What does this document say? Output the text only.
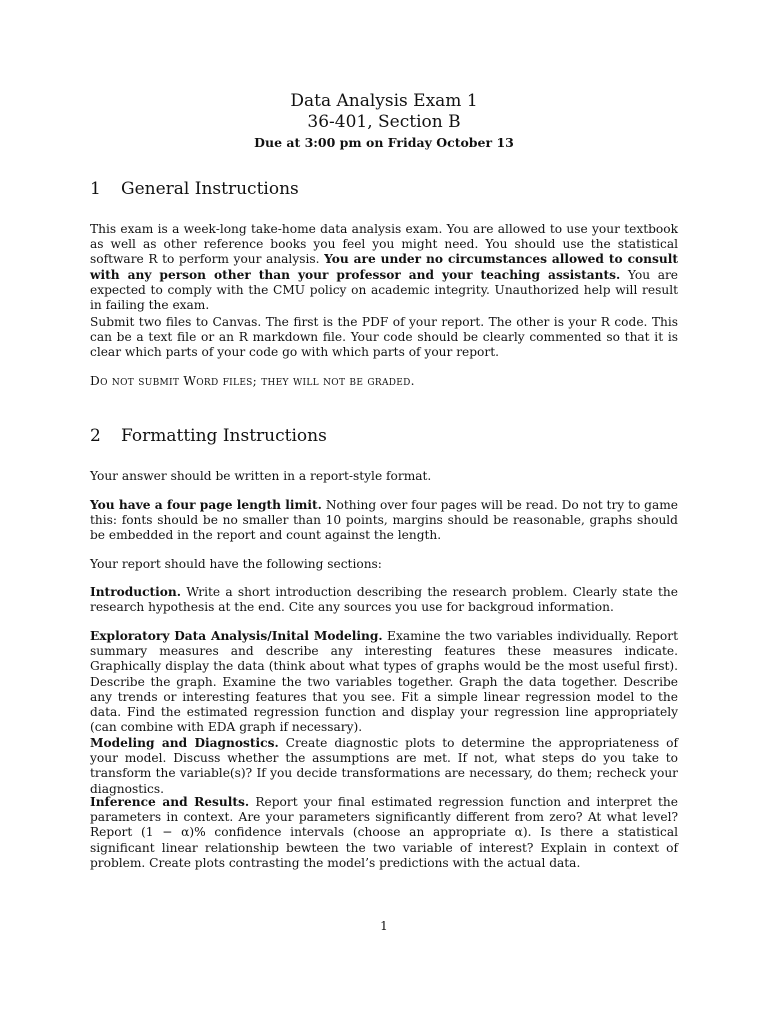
Data Analysis Exam 1
36-401, Section B
Due at 3:00 pm on Friday October 13
1 General Instructions
This exam is a week-long take-home data analysis exam. You are allowed to use your textbook as well as other reference books you feel you might need. You should use the statistical software R to perform your analysis. You are under no circumstances allowed to consult with any person other than your professor and your teaching assistants. You are expected to comply with the CMU policy on academic integrity. Unauthorized help will result in failing the exam.
Submit two files to Canvas. The first is the PDF of your report. The other is your R code. This can be a text file or an R markdown file. Your code should be clearly commented so that it is clear which parts of your code go with which parts of your report.
Do not submit Word files; they will not be graded.
2 Formatting Instructions
Your answer should be written in a report-style format.
You have a four page length limit. Nothing over four pages will be read. Do not try to game this: fonts should be no smaller than 10 points, margins should be reasonable, graphs should be embedded in the report and count against the length.
Your report should have the following sections:
Introduction. Write a short introduction describing the research problem. Clearly state the research hypothesis at the end. Cite any sources you use for backgroud information.
Exploratory Data Analysis/Inital Modeling. Examine the two variables individually. Report summary measures and describe any interesting features these measures indicate. Graphically display the data (think about what types of graphs would be the most useful first). Describe the graph. Examine the two variables together. Graph the data together. Describe any trends or interesting features that you see. Fit a simple linear regression model to the data. Find the estimated regression function and display your regression line appropriately (can combine with EDA graph if necessary).
Modeling and Diagnostics. Create diagnostic plots to determine the appropriateness of your model. Discuss whether the assumptions are met. If not, what steps do you take to transform the variable(s)? If you decide transformations are necessary, do them; recheck your diagnostics.
Inference and Results. Report your final estimated regression function and interpret the parameters in context. Are your parameters significantly different from zero? At what level? Report (1 − α)% confidence intervals (choose an appropriate α). Is there a statistical significant linear relationship bewteen the two variable of interest? Explain in context of problem. Create plots contrasting the model’s predictions with the actual data.
1
